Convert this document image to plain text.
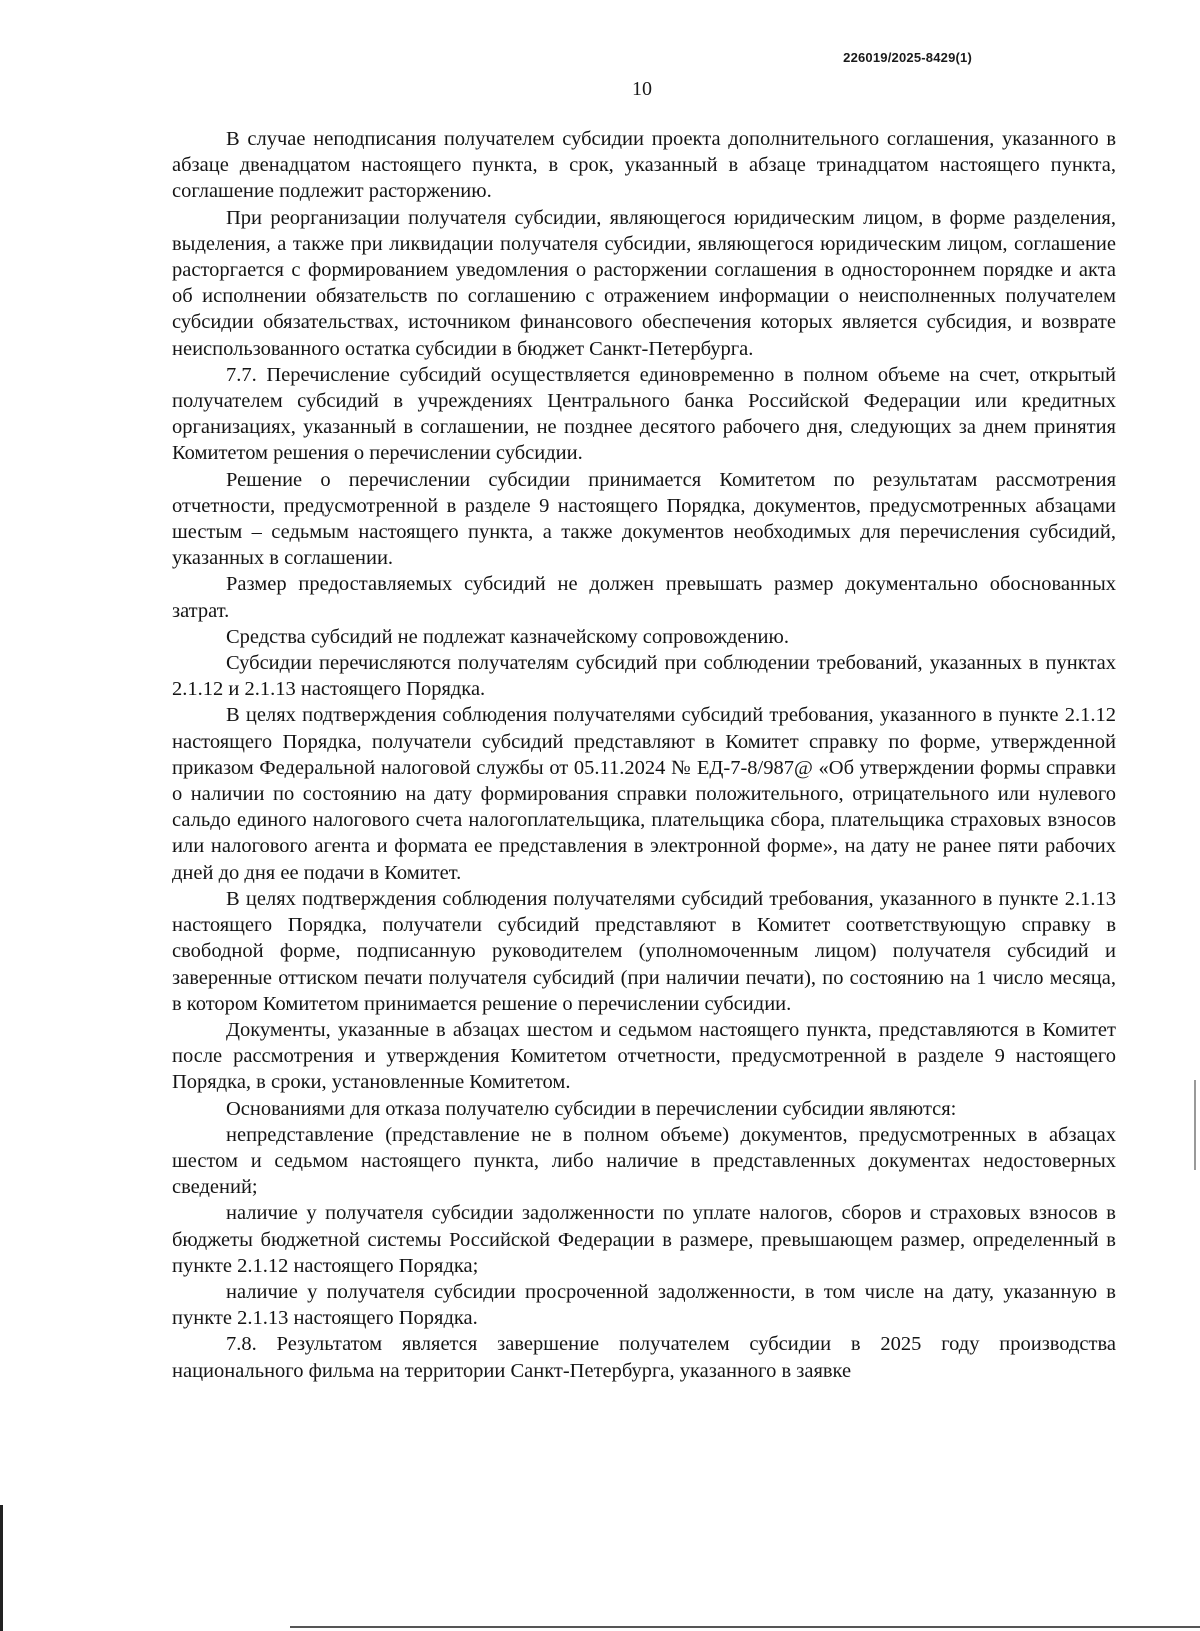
226019/2025-8429(1)
10

В случае неподписания получателем субсидии проекта дополнительного соглашения, указанного в абзаце двенадцатом настоящего пункта, в срок, указанный в абзаце тринадцатом настоящего пункта, соглашение подлежит расторжению.

При реорганизации получателя субсидии, являющегося юридическим лицом, в форме разделения, выделения, а также при ликвидации получателя субсидии, являющегося юридическим лицом, соглашение расторгается с формированием уведомления о расторжении соглашения в одностороннем порядке и акта об исполнении обязательств по соглашению с отражением информации о неисполненных получателем субсидии обязательствах, источником финансового обеспечения которых является субсидия, и возврате неиспользованного остатка субсидии в бюджет Санкт-Петербурга.

7.7. Перечисление субсидий осуществляется единовременно в полном объеме на счет, открытый получателем субсидий в учреждениях Центрального банка Российской Федерации или кредитных организациях, указанный в соглашении, не позднее десятого рабочего дня, следующих за днем принятия Комитетом решения о перечислении субсидии.

Решение о перечислении субсидии принимается Комитетом по результатам рассмотрения отчетности, предусмотренной в разделе 9 настоящего Порядка, документов, предусмотренных абзацами шестым – седьмым настоящего пункта, а также документов необходимых для перечисления субсидий, указанных в соглашении.

Размер предоставляемых субсидий не должен превышать размер документально обоснованных затрат.

Средства субсидий не подлежат казначейскому сопровождению.

Субсидии перечисляются получателям субсидий при соблюдении требований, указанных в пунктах 2.1.12 и 2.1.13 настоящего Порядка.

В целях подтверждения соблюдения получателями субсидий требования, указанного в пункте 2.1.12 настоящего Порядка, получатели субсидий представляют в Комитет справку по форме, утвержденной приказом Федеральной налоговой службы от 05.11.2024 № ЕД-7-8/987@ «Об утверждении формы справки о наличии по состоянию на дату формирования справки положительного, отрицательного или нулевого сальдо единого налогового счета налогоплательщика, плательщика сбора, плательщика страховых взносов или налогового агента и формата ее представления в электронной форме», на дату не ранее пяти рабочих дней до дня ее подачи в Комитет.

В целях подтверждения соблюдения получателями субсидий требования, указанного в пункте 2.1.13 настоящего Порядка, получатели субсидий представляют в Комитет соответствующую справку в свободной форме, подписанную руководителем (уполномоченным лицом) получателя субсидий и заверенные оттиском печати получателя субсидий (при наличии печати), по состоянию на 1 число месяца, в котором Комитетом принимается решение о перечислении субсидии.

Документы, указанные в абзацах шестом и седьмом настоящего пункта, представляются в Комитет после рассмотрения и утверждения Комитетом отчетности, предусмотренной в разделе 9 настоящего Порядка, в сроки, установленные Комитетом.

Основаниями для отказа получателю субсидии в перечислении субсидии являются:

непредставление (представление не в полном объеме) документов, предусмотренных в абзацах шестом и седьмом настоящего пункта, либо наличие в представленных документах недостоверных сведений;

наличие у получателя субсидии задолженности по уплате налогов, сборов и страховых взносов в бюджеты бюджетной системы Российской Федерации в размере, превышающем размер, определенный в пункте 2.1.12 настоящего Порядка;

наличие у получателя субсидии просроченной задолженности, в том числе на дату, указанную в пункте 2.1.13 настоящего Порядка.

7.8. Результатом является завершение получателем субсидии в 2025 году производства национального фильма на территории Санкт-Петербурга, указанного в заявке
